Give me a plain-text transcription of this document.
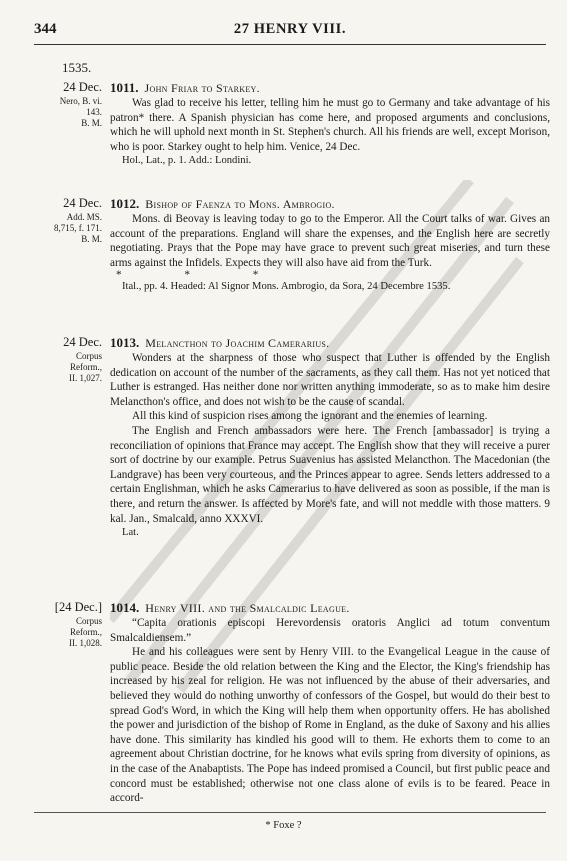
344	27 HENRY VIII.
1535.
24 Dec.
Nero, B. vi.
143.
B. M.
1011. John Friar to Starkey.

Was glad to receive his letter, telling him he must go to Germany and take advantage of his patron* there. A Spanish physician has come here, and proposed arguments and conclusions, which he will uphold next month in St. Stephen's church. All his friends are well, except Morison, who is poor. Starkey ought to help him. Venice, 24 Dec.

Hol., Lat., p. 1. Add.: Londini.

24 Dec.
Add. MS.
8,715, f. 171.
B. M.
1012. Bishop of Faenza to Mons. Ambrogio.

Mons. di Beovay is leaving today to go to the Emperor. All the Court talks of war. Gives an account of the preparations. England will share the expenses, and the English here are secretly negotiating. Prays that the Pope may have grace to prevent such great miseries, and turn these arms against the Infidels. Expects they will also have aid from the Turk.

* * *

Ital., pp. 4. Headed: Al Signor Mons. Ambrogio, da Sora, 24 Decembre 1535.

24 Dec.
Corpus
Reform.,
II. 1,027.
1013. Melancthon to Joachim Camerarius.

Wonders at the sharpness of those who suspect that Luther is offended by the English dedication on account of the number of the sacraments, as they call them. Has not yet noticed that Luther is estranged. Has neither done nor written anything immoderate, so as to make him desire Melancthon's office, and does not wish to be the cause of scandal.

All this kind of suspicion rises among the ignorant and the enemies of learning.

The English and French ambassadors were here. The French [ambassador] is trying a reconciliation of opinions that France may accept. The English show that they will receive a purer sort of doctrine by our example. Petrus Suavenius has assisted Melancthon. The Macedonian (the Landgrave) has been very courteous, and the Princes appear to agree. Sends letters addressed to a certain Englishman, which he asks Camerarius to have delivered as soon as possible, if the man is there, and return the answer. Is affected by More's fate, and will not meddle with those matters. 9 kal. Jan., Smalcald, anno XXXVI.

Lat.

[24 Dec.]
Corpus
Reform.,
II. 1,028.
1014. Henry VIII. and the Smalcaldic League.

“Capita orationis episcopi Herevordensis oratoris Anglici ad totum conventum Smalcaldiensem.”

He and his colleagues were sent by Henry VIII. to the Evangelical League in the cause of public peace. Beside the old relation between the King and the Elector, the King's friendship has increased by his zeal for religion. He was not influenced by the abuse of their adversaries, and believed they would do nothing unworthy of confessors of the Gospel, but would do their best to spread God's Word, in which the King will help them when opportunity offers. He has abolished the power and jurisdiction of the bishop of Rome in England, as the duke of Saxony and his allies have done. This similarity has kindled his good will to them. He exhorts them to come to an agreement about Christian doctrine, for he knows what evils spring from diversity of opinions, as in the case of the Anabaptists. The Pope has indeed promised a Council, but first public peace and concord must be established; otherwise not one class alone of evils is to be feared. Peace in accord-

* Foxe ?
